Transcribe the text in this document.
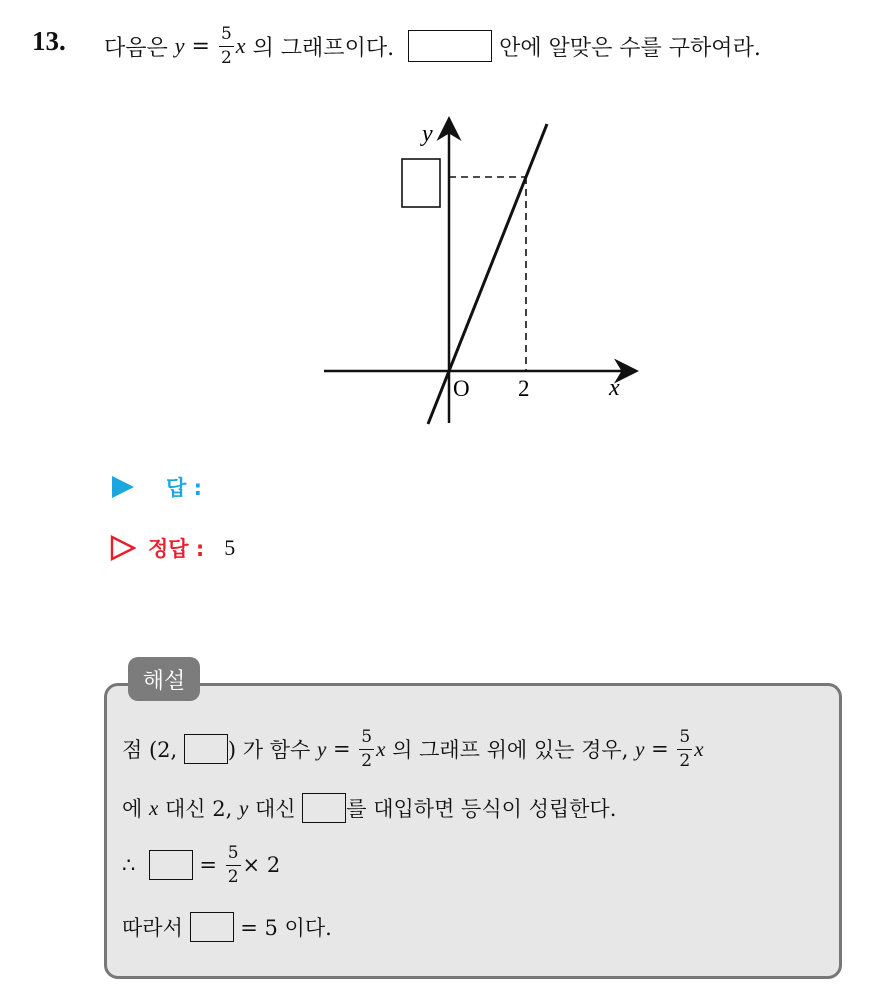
13. 다음은
y
=
$\frac{5}{2}$ x
의 그래프이다.

	안에 알맞은 수를 구하여라.
y
x
O 2
답 :
정답 : 5
해설
점 (2,
) 가 함수
y
=
$\frac{5}{2}$ x
의 그래프 위에 있는 경우,
y
=
$\frac{5}{2}$ x
에
x
대신 2,
y
대신
를 대입하면 등식이 성립한다.
∴

	=
$\frac{5}{2} \times 2$
따라서

	= 5 이다.
